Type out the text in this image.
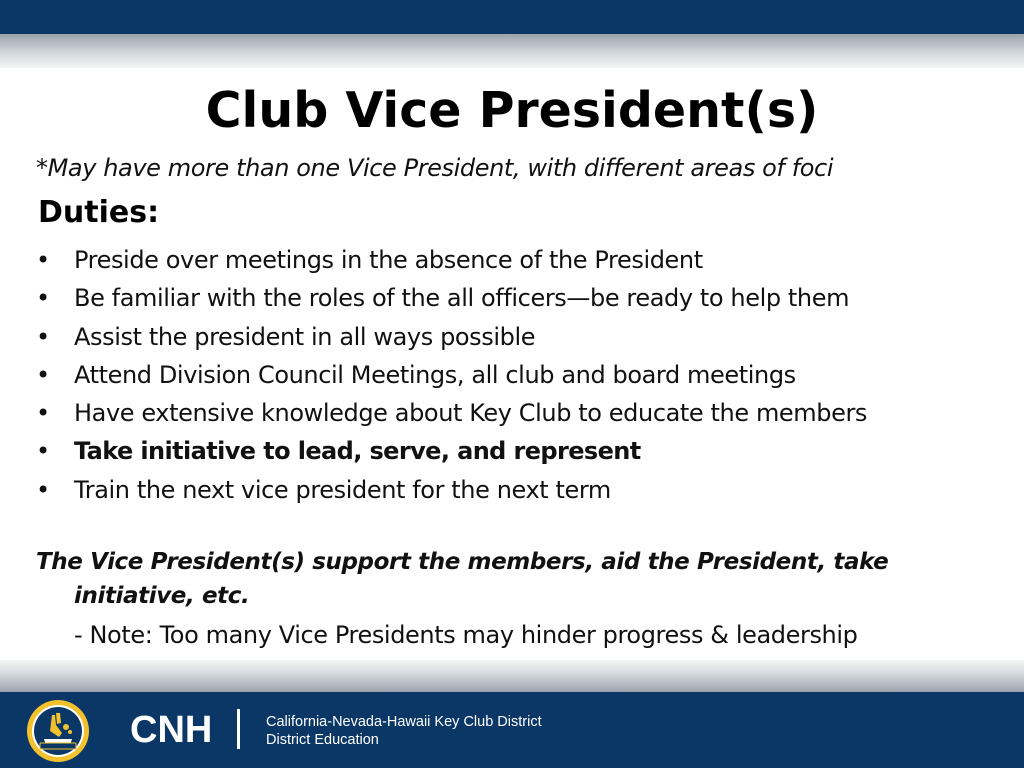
Club Vice President(s)
*May have more than one Vice President, with different areas of foci
Duties:
• Preside over meetings in the absence of the President
• Be familiar with the roles of the all officers—be ready to help them
• Assist the president in all ways possible
• Attend Division Council Meetings, all club and board meetings
• Have extensive knowledge about Key Club to educate the members
• Take initiative to lead, serve, and represent
• Train the next vice president for the next term
The Vice President(s) support the members, aid the President, take
initiative, etc.
- Note: Too many Vice Presidents may hinder progress & leadership
CNH	California-Nevada-Hawaii Key Club District
District Education
